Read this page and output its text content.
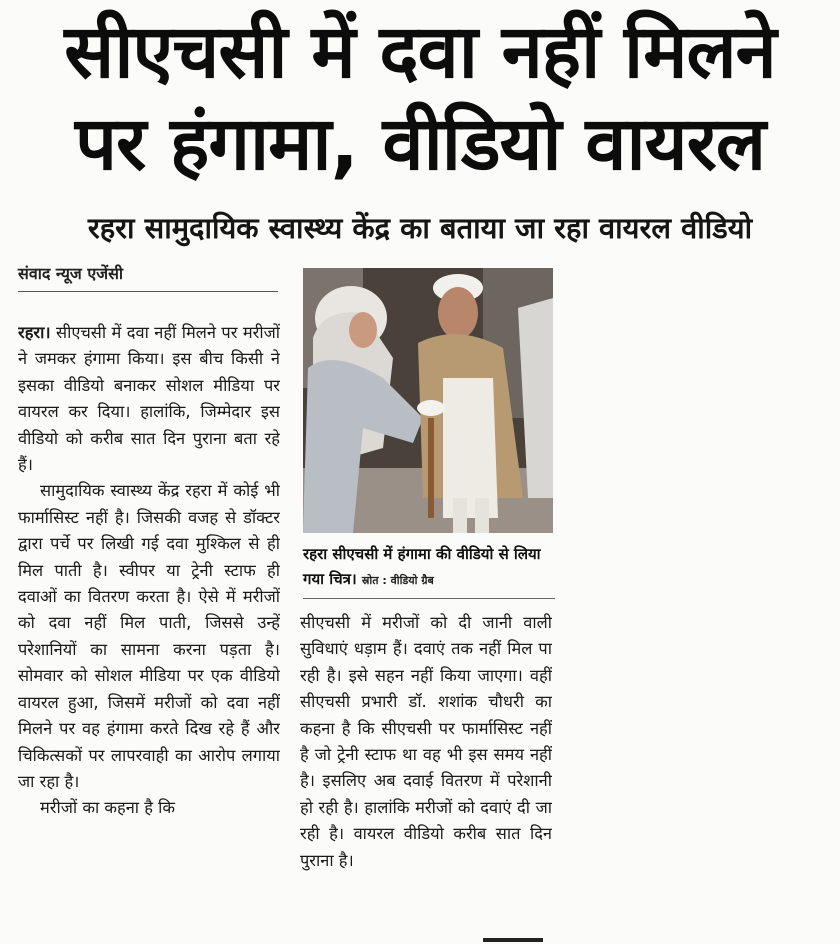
सीएचसी में दवा नहीं मिलने
पर हंगामा, वीडियो वायरल
रहरा सामुदायिक स्वास्थ्य केंद्र का बताया जा रहा वायरल वीडियो
संवाद न्यूज एजेंसी

रहरा। सीएचसी में दवा नहीं मिलने पर मरीजों ने जमकर हंगामा किया। इस बीच किसी ने इसका वीडियो बनाकर सोशल मीडिया पर वायरल कर दिया। हालांकि, जिम्मेदार इस वीडियो को करीब सात दिन पुराना बता रहे हैं।

सामुदायिक स्वास्थ्य केंद्र रहरा में कोई भी फार्मासिस्ट नहीं है। जिसकी वजह से डॉक्टर द्वारा पर्चे पर लिखी गई दवा मुश्किल से ही मिल पाती है। स्वीपर या ट्रेनी स्टाफ ही दवाओं का वितरण करता है। ऐसे में मरीजों को दवा नहीं मिल पाती, जिससे उन्हें परेशानियों का सामना करना पड़ता है। सोमवार को सोशल मीडिया पर एक वीडियो वायरल हुआ, जिसमें मरीजों को दवा नहीं मिलने पर वह हंगामा करते दिख रहे हैं और चिकित्सकों पर लापरवाही का आरोप लगाया जा रहा है।

मरीजों का कहना है कि

रहरा सीएचसी में हंगामा की वीडियो से लिया गया चित्र। स्रोत : वीडियो ग्रैब

सीएचसी में मरीजों को दी जानी वाली सुविधाएं धड़ाम हैं। दवाएं तक नहीं मिल पा रही है। इसे सहन नहीं किया जाएगा। वहीं सीएचसी प्रभारी डॉ. शशांक चौधरी का कहना है कि सीएचसी पर फार्मासिस्ट नहीं है जो ट्रेनी स्टाफ था वह भी इस समय नहीं है। इसलिए अब दवाई वितरण में परेशानी हो रही है। हालांकि मरीजों को दवाएं दी जा रही है। वायरल वीडियो करीब सात दिन पुराना है।
